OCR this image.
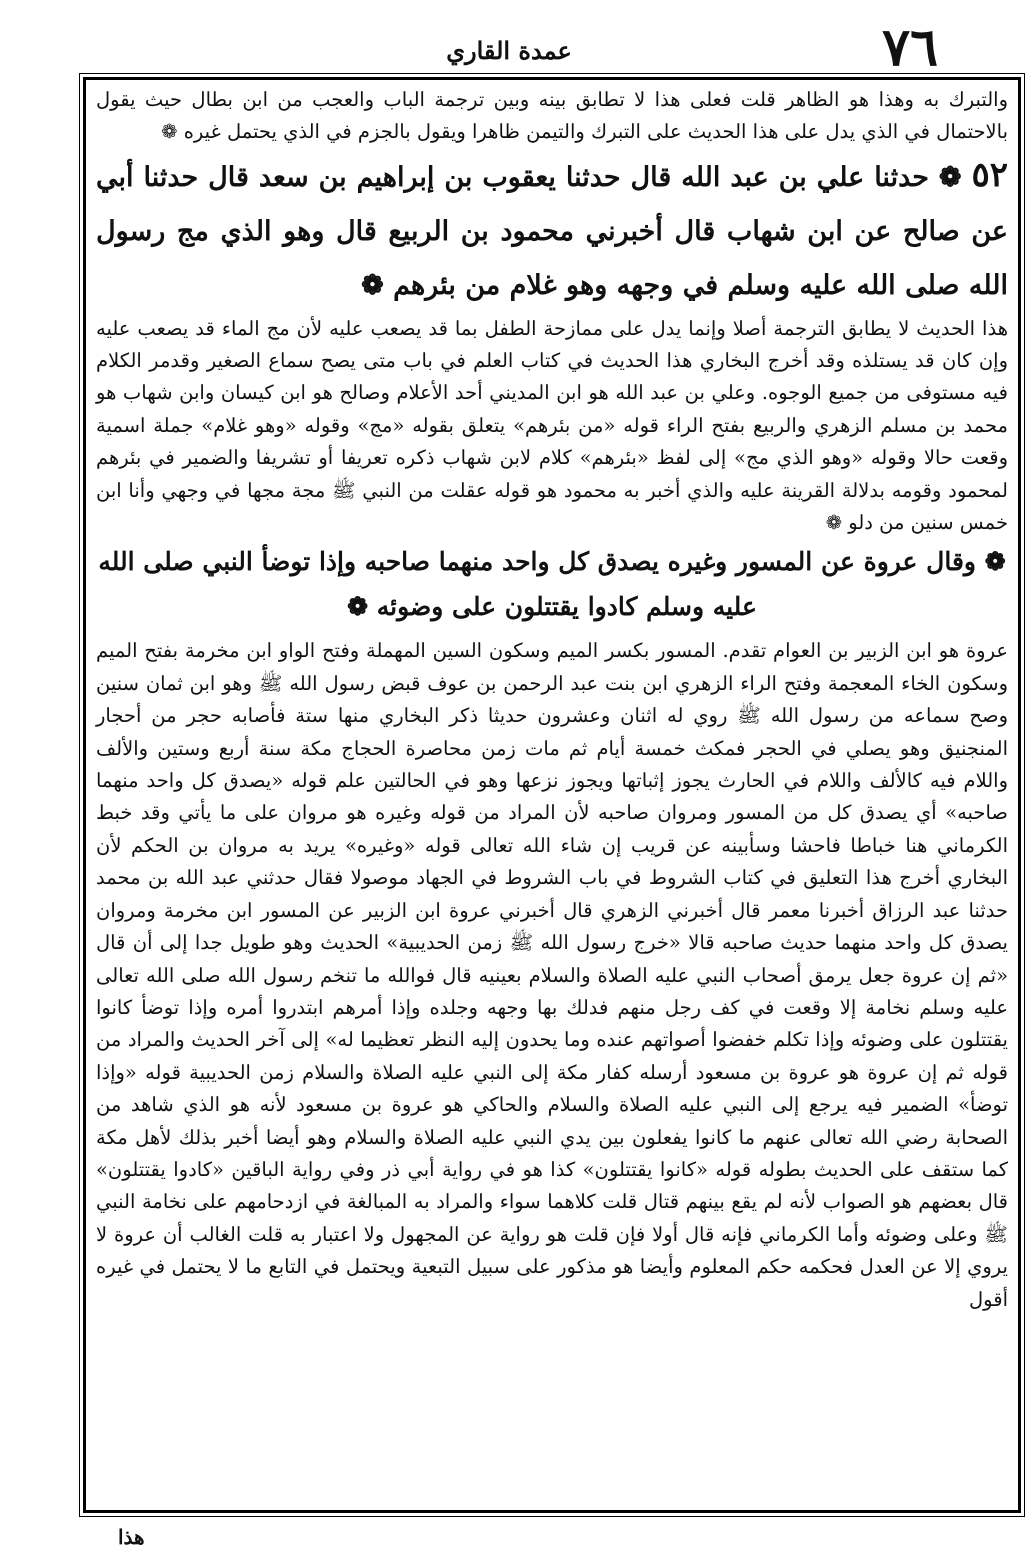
٧٦
عمدة القاري

والتبرك به وهذا هو الظاهر قلت فعلى هذا لا تطابق بينه وبين ترجمة الباب والعجب من ابن بطال حيث يقول بالاحتمال في الذي يدل على هذا الحديث على التبرك والتيمن ظاهرا ويقول بالجزم في الذي يحتمل غيره ❁

٥٢ ❁ حدثنا علي بن عبد الله قال حدثنا يعقوب بن إبراهيم بن سعد قال حدثنا أبي عن صالح عن ابن شهاب قال أخبرني محمود بن الربيع قال وهو الذي مج رسول الله صلى الله عليه وسلم في وجهه وهو غلام من بئرهم ❁

هذا الحديث لا يطابق الترجمة أصلا وإنما يدل على ممازحة الطفل بما قد يصعب عليه لأن مج الماء قد يصعب عليه وإن كان قد يستلذه وقد أخرج البخاري هذا الحديث في كتاب العلم في باب متى يصح سماع الصغير وقدمر الكلام فيه مستوفى من جميع الوجوه. وعلي بن عبد الله هو ابن المديني أحد الأعلام وصالح هو ابن كيسان وابن شهاب هو محمد بن مسلم الزهري والربيع بفتح الراء قوله «من بئرهم» يتعلق بقوله «مج» وقوله «وهو غلام» جملة اسمية وقعت حالا وقوله «وهو الذي مج» إلى لفظ «بئرهم» كلام لابن شهاب ذكره تعريفا أو تشريفا والضمير في بئرهم لمحمود وقومه بدلالة القرينة عليه والذي أخبر به محمود هو قوله عقلت من النبي ﷺ مجة مجها في وجهي وأنا ابن خمس سنين من دلو ❁

❁ وقال عروة عن المسور وغيره يصدق كل واحد منهما صاحبه وإذا توضأ النبي صلى الله عليه وسلم كادوا يقتتلون على وضوئه ❁

عروة هو ابن الزبير بن العوام تقدم. المسور بكسر الميم وسكون السين المهملة وفتح الواو ابن مخرمة بفتح الميم وسكون الخاء المعجمة وفتح الراء الزهري ابن بنت عبد الرحمن بن عوف قبض رسول الله ﷺ وهو ابن ثمان سنين وصح سماعه من رسول الله ﷺ روي له اثنان وعشرون حديثا ذكر البخاري منها ستة فأصابه حجر من أحجار المنجنيق وهو يصلي في الحجر فمكث خمسة أيام ثم مات زمن محاصرة الحجاج مكة سنة أربع وستين والألف واللام فيه كالألف واللام في الحارث يجوز إثباتها ويجوز نزعها وهو في الحالتين علم قوله «يصدق كل واحد منهما صاحبه» أي يصدق كل من المسور ومروان صاحبه لأن المراد من قوله وغيره هو مروان على ما يأتي وقد خبط الكرماني هنا خباطا فاحشا وسأبينه عن قريب إن شاء الله تعالى قوله «وغيره» يريد به مروان بن الحكم لأن البخاري أخرج هذا التعليق في كتاب الشروط في باب الشروط في الجهاد موصولا فقال حدثني عبد الله بن محمد حدثنا عبد الرزاق أخبرنا معمر قال أخبرني الزهري قال أخبرني عروة ابن الزبير عن المسور ابن مخرمة ومروان يصدق كل واحد منهما حديث صاحبه قالا «خرج رسول الله ﷺ زمن الحديبية» الحديث وهو طويل جدا إلى أن قال «ثم إن عروة جعل يرمق أصحاب النبي عليه الصلاة والسلام بعينيه قال فوالله ما تنخم رسول الله صلى الله تعالى عليه وسلم نخامة إلا وقعت في كف رجل منهم فدلك بها وجهه وجلده وإذا أمرهم ابتدروا أمره وإذا توضأ كانوا يقتتلون على وضوئه وإذا تكلم خفضوا أصواتهم عنده وما يحدون إليه النظر تعظيما له» إلى آخر الحديث والمراد من قوله ثم إن عروة هو عروة بن مسعود أرسله كفار مكة إلى النبي عليه الصلاة والسلام زمن الحديبية قوله «وإذا توضأ» الضمير فيه يرجع إلى النبي عليه الصلاة والسلام والحاكي هو عروة بن مسعود لأنه هو الذي شاهد من الصحابة رضي الله تعالى عنهم ما كانوا يفعلون بين يدي النبي عليه الصلاة والسلام وهو أيضا أخبر بذلك لأهل مكة كما ستقف على الحديث بطوله قوله «كانوا يقتتلون» كذا هو في رواية أبي ذر وفي رواية الباقين «كادوا يقتتلون» قال بعضهم هو الصواب لأنه لم يقع بينهم قتال قلت كلاهما سواء والمراد به المبالغة في ازدحامهم على نخامة النبي ﷺ وعلى وضوئه وأما الكرماني فإنه قال أولا فإن قلت هو رواية عن المجهول ولا اعتبار به قلت الغالب أن عروة لا يروي إلا عن العدل فحكمه حكم المعلوم وأيضا هو مذكور على سبيل التبعية ويحتمل في التابع ما لا يحتمل في غيره أقول

هذا
